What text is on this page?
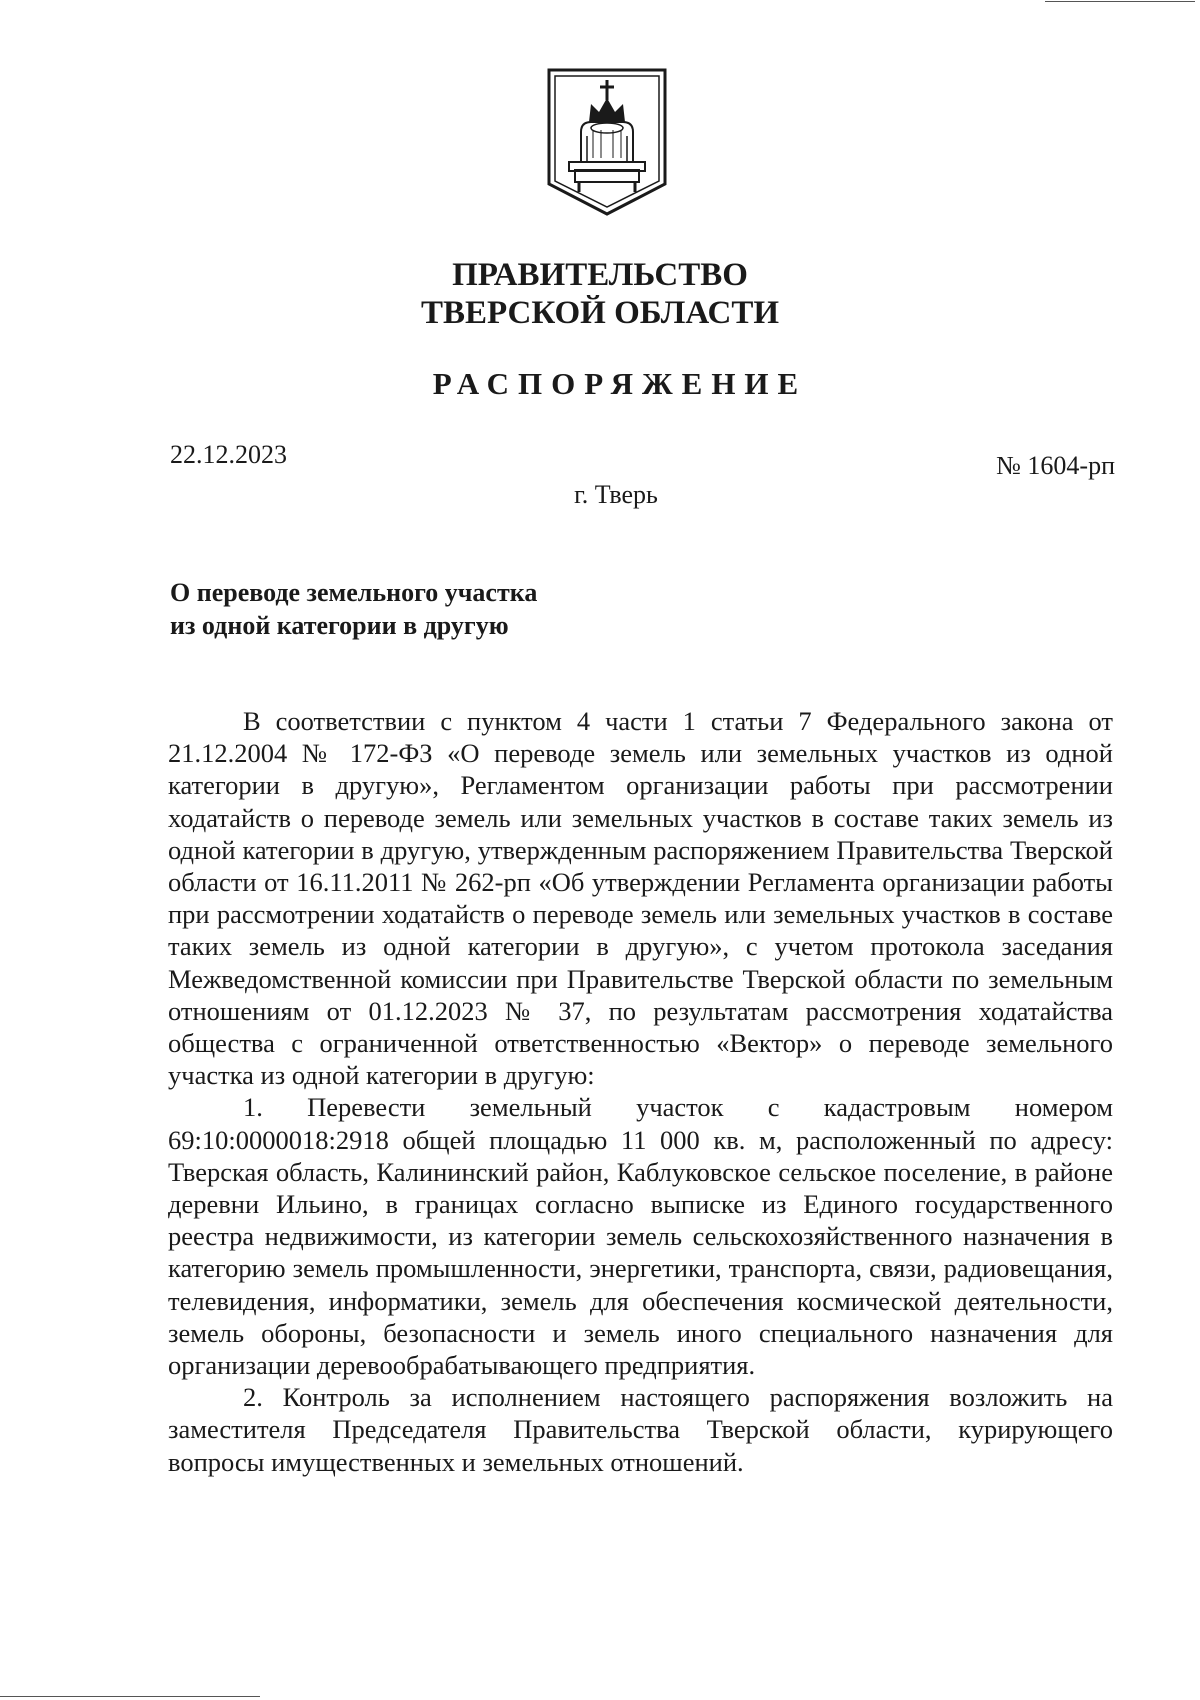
ПРАВИТЕЛЬСТВО
ТВЕРСКОЙ ОБЛАСТИ
РАСПОРЯЖЕНИЕ
22.12.2023	№ 1604-рп
г. Тверь
О переводе земельного участка
из одной категории в другую

В соответствии с пунктом 4 части 1 статьи 7 Федерального закона от 21.12.2004 № 172-ФЗ «О переводе земель или земельных участков из одной категории в другую», Регламентом организации работы при рассмотрении ходатайств о переводе земель или земельных участков в составе таких земель из одной категории в другую, утвержденным распоряжением Правительства Тверской области от 16.11.2011 № 262-рп «Об утверждении Регламента организации работы при рассмотрении ходатайств о переводе земель или земельных участков в составе таких земель из одной категории в другую», с учетом протокола заседания Межведомственной комиссии при Правительстве Тверской области по земельным отношениям от 01.12.2023 № 37, по результатам рассмотрения ходатайства общества с ограниченной ответственностью «Вектор» о переводе земельного участка из одной категории в другую:

1. Перевести земельный участок с кадастровым номером 69:10:0000018:2918 общей площадью 11 000 кв. м, расположенный по адресу: Тверская область, Калининский район, Каблуковское сельское поселение, в районе деревни Ильино, в границах согласно выписке из Единого государственного реестра недвижимости, из категории земель сельскохозяйственного назначения в категорию земель промышленности, энергетики, транспорта, связи, радиовещания, телевидения, информатики, земель для обеспечения космической деятельности, земель обороны, безопасности и земель иного специального назначения для организации деревообрабатывающего предприятия.

2. Контроль за исполнением настоящего распоряжения возложить на заместителя Председателя Правительства Тверской области, курирующего вопросы имущественных и земельных отношений.
